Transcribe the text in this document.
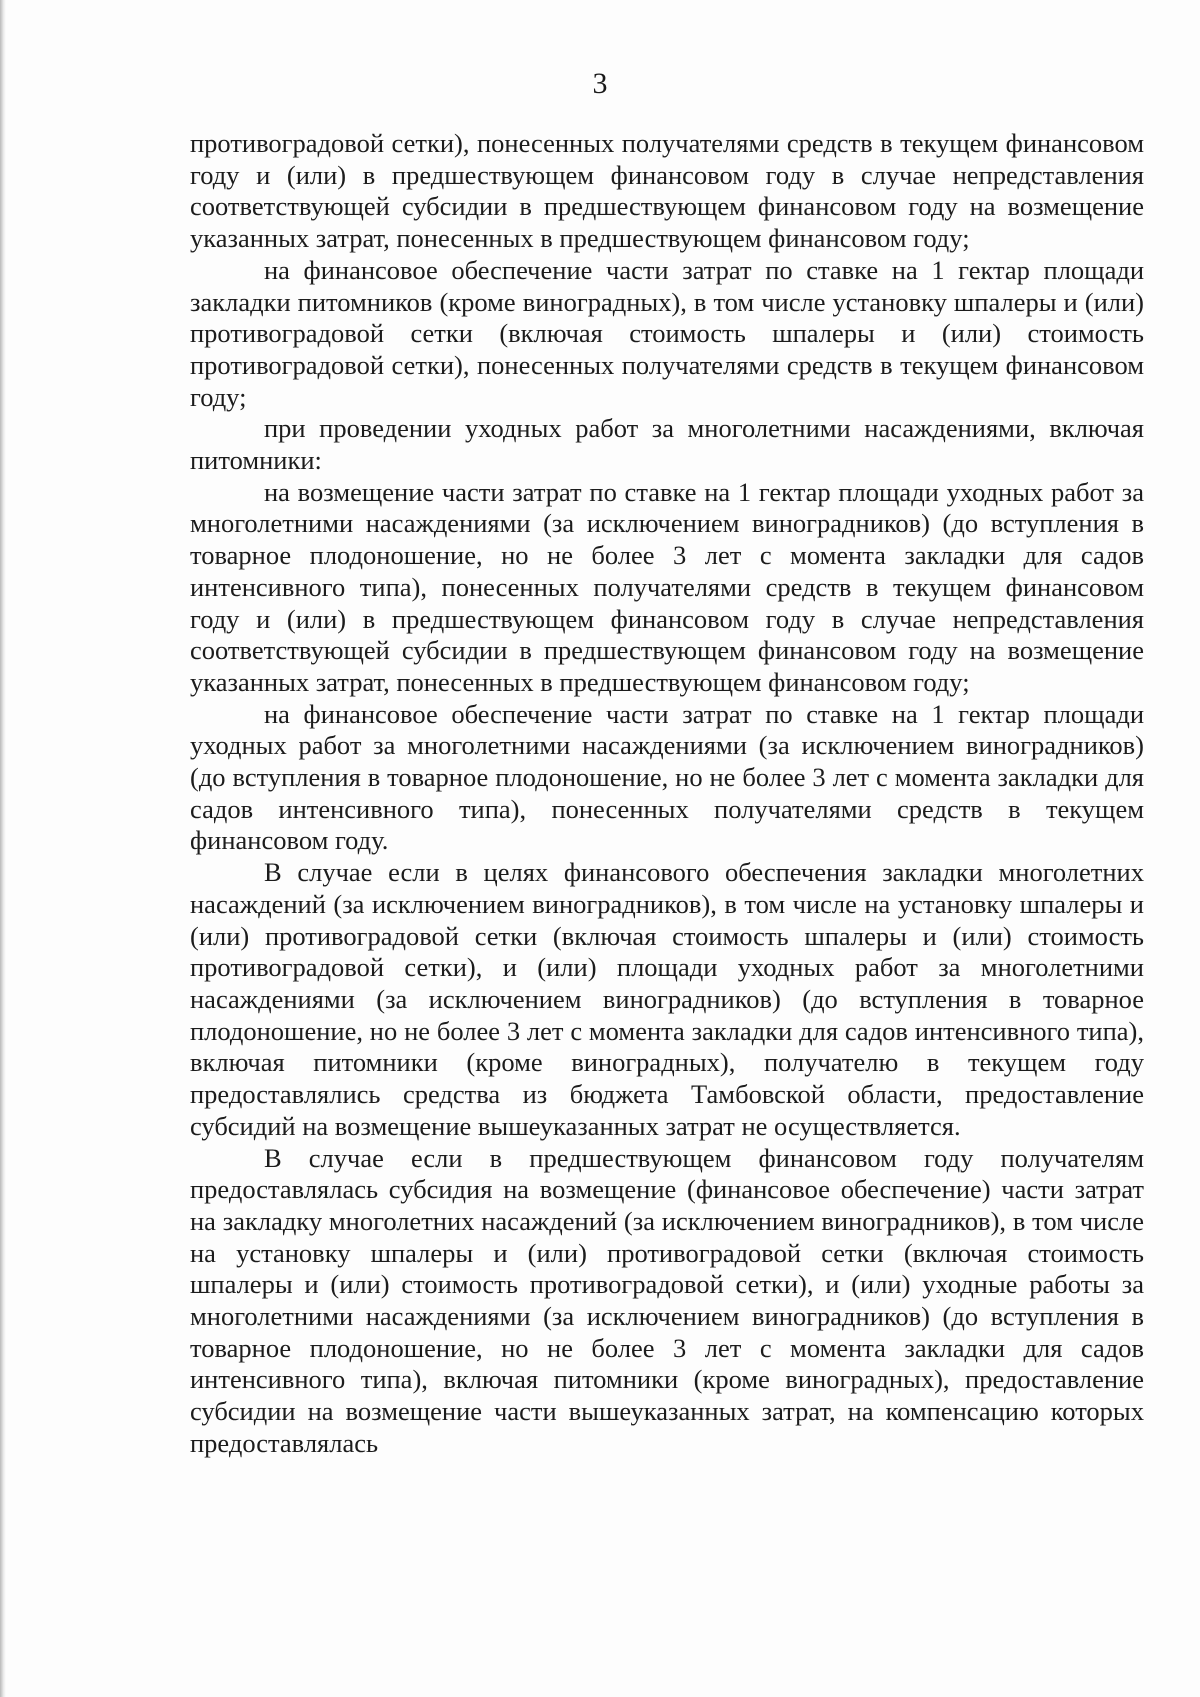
3

противоградовой сетки), понесенных получателями средств в текущем финансовом году и (или) в предшествующем финансовом году в случае непредставления соответствующей субсидии в предшествующем финансовом году на возмещение указанных затрат, понесенных в предшествующем финансовом году;

на финансовое обеспечение части затрат по ставке на 1 гектар площади закладки питомников (кроме виноградных), в том числе установку шпалеры и (или) противоградовой сетки (включая стоимость шпалеры и (или) стоимость противоградовой сетки), понесенных получателями средств в текущем финансовом году;

при проведении уходных работ за многолетними насаждениями, включая питомники:

на возмещение части затрат по ставке на 1 гектар площади уходных работ за многолетними насаждениями (за исключением виноградников) (до вступления в товарное плодоношение, но не более 3 лет с момента закладки для садов интенсивного типа), понесенных получателями средств в текущем финансовом году и (или) в предшествующем финансовом году в случае непредставления соответствующей субсидии в предшествующем финансовом году на возмещение указанных затрат, понесенных в предшествующем финансовом году;

на финансовое обеспечение части затрат по ставке на 1 гектар площади уходных работ за многолетними насаждениями (за исключением виноградников) (до вступления в товарное плодоношение, но не более 3 лет с момента закладки для садов интенсивного типа), понесенных получателями средств в текущем финансовом году.

В случае если в целях финансового обеспечения закладки многолетних насаждений (за исключением виноградников), в том числе на установку шпалеры и (или) противоградовой сетки (включая стоимость шпалеры и (или) стоимость противоградовой сетки), и (или) площади уходных работ за многолетними насаждениями (за исключением виноградников) (до вступления в товарное плодоношение, но не более 3 лет с момента закладки для садов интенсивного типа), включая питомники (кроме виноградных), получателю в текущем году предоставлялись средства из бюджета Тамбовской области, предоставление субсидий на возмещение вышеуказанных затрат не осуществляется.

В случае если в предшествующем финансовом году получателям предоставлялась субсидия на возмещение (финансовое обеспечение) части затрат на закладку многолетних насаждений (за исключением виноградников), в том числе на установку шпалеры и (или) противоградовой сетки (включая стоимость шпалеры и (или) стоимость противоградовой сетки), и (или) уходные работы за многолетними насаждениями (за исключением виноградников) (до вступления в товарное плодоношение, но не более 3 лет с момента закладки для садов интенсивного типа), включая питомники (кроме виноградных), предоставление субсидии на возмещение части вышеуказанных затрат, на компенсацию которых предоставлялась
